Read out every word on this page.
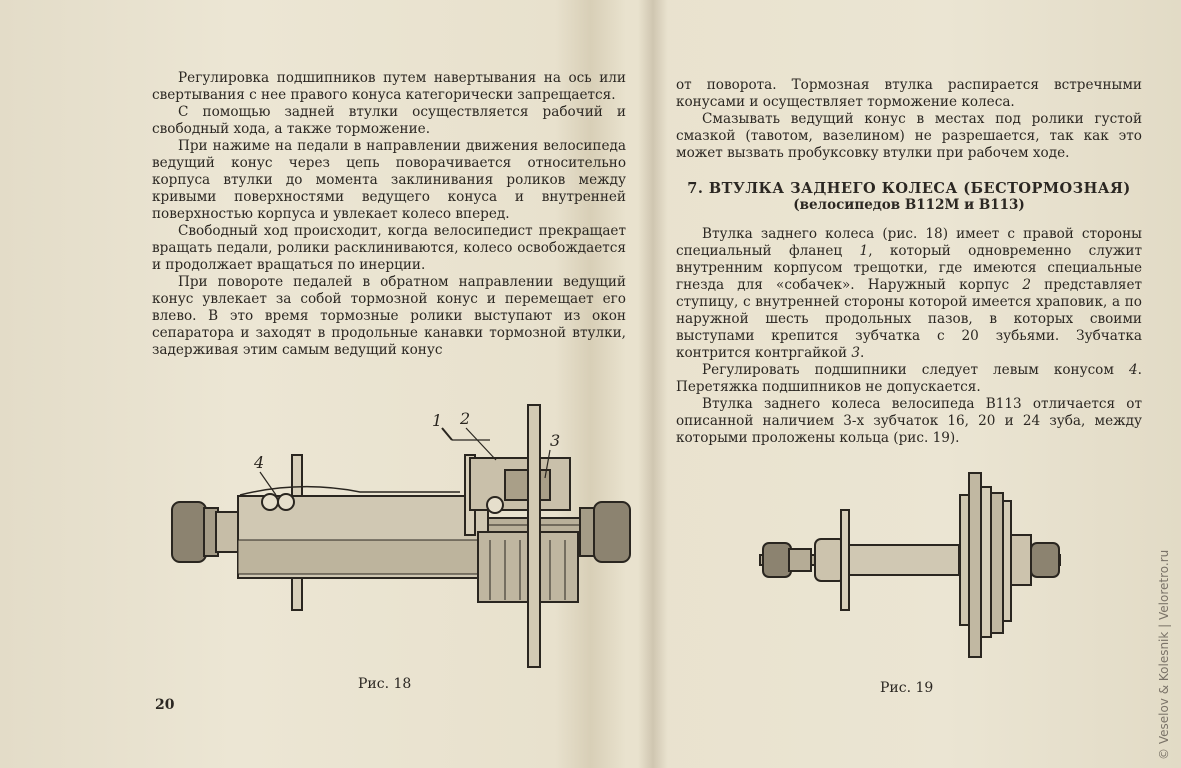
Регулировка подшипников путем навертывания на ось или свертывания с нее правого конуса категорически запрещается.

С помощью задней втулки осуществляется рабочий и свободный хода, а также торможение.

При нажиме на педали в направлении движения велосипеда ведущий конус через цепь поворачивается относительно корпуса втулки до момента заклинивания роликов между кривыми поверхностями ведущего конуса и внутренней поверхностью корпуса и увлекает колесо вперед.

Свободный ход происходит, когда велосипедист прекращает вращать педали, ролики расклиниваются, колесо освобождается и продолжает вращаться по инерции.

При повороте педалей в обратном направлении ведущий конус увлекает за собой тормозной конус и перемещает его влево. В это время тормозные ролики выступают из окон сепаратора и заходят в продольные канавки тормозной втулки, задерживая этим самым ведущий конус

1 2
3
4
Рис. 18
20

от поворота. Тормозная втулка распирается встречными конусами и осуществляет торможение колеса.

Смазывать ведущий конус в местах под ролики густой смазкой (тавотом, вазелином) не разрешается, так как это может вызвать пробуксовку втулки при рабочем ходе.

7. ВТУЛКА ЗАДНЕГО КОЛЕСА (БЕСТОРМОЗНАЯ)

(велосипедов В112М и В113)

Втулка заднего колеса (рис. 18) имеет с правой стороны специальный фланец 1, который одновременно служит внутренним корпусом трещотки, где имеются специальные гнезда для «собачек». Наружный корпус 2 представляет ступицу, с внутренней стороны которой имеется храповик, а по наружной шесть продольных пазов, в которых своими выступами крепится зубчатка с 20 зубьями. Зубчатка контрится контргайкой 3.

Регулировать подшипники следует левым конусом 4. Перетяжка подшипников не допускается.

Втулка заднего колеса велосипеда В113 отличается от описанной наличием 3-х зубчаток 16, 20 и 24 зуба, между которыми проложены кольца (рис. 19).

Рис. 19	© Veselov & Kolesnik | Veloretro.ru
